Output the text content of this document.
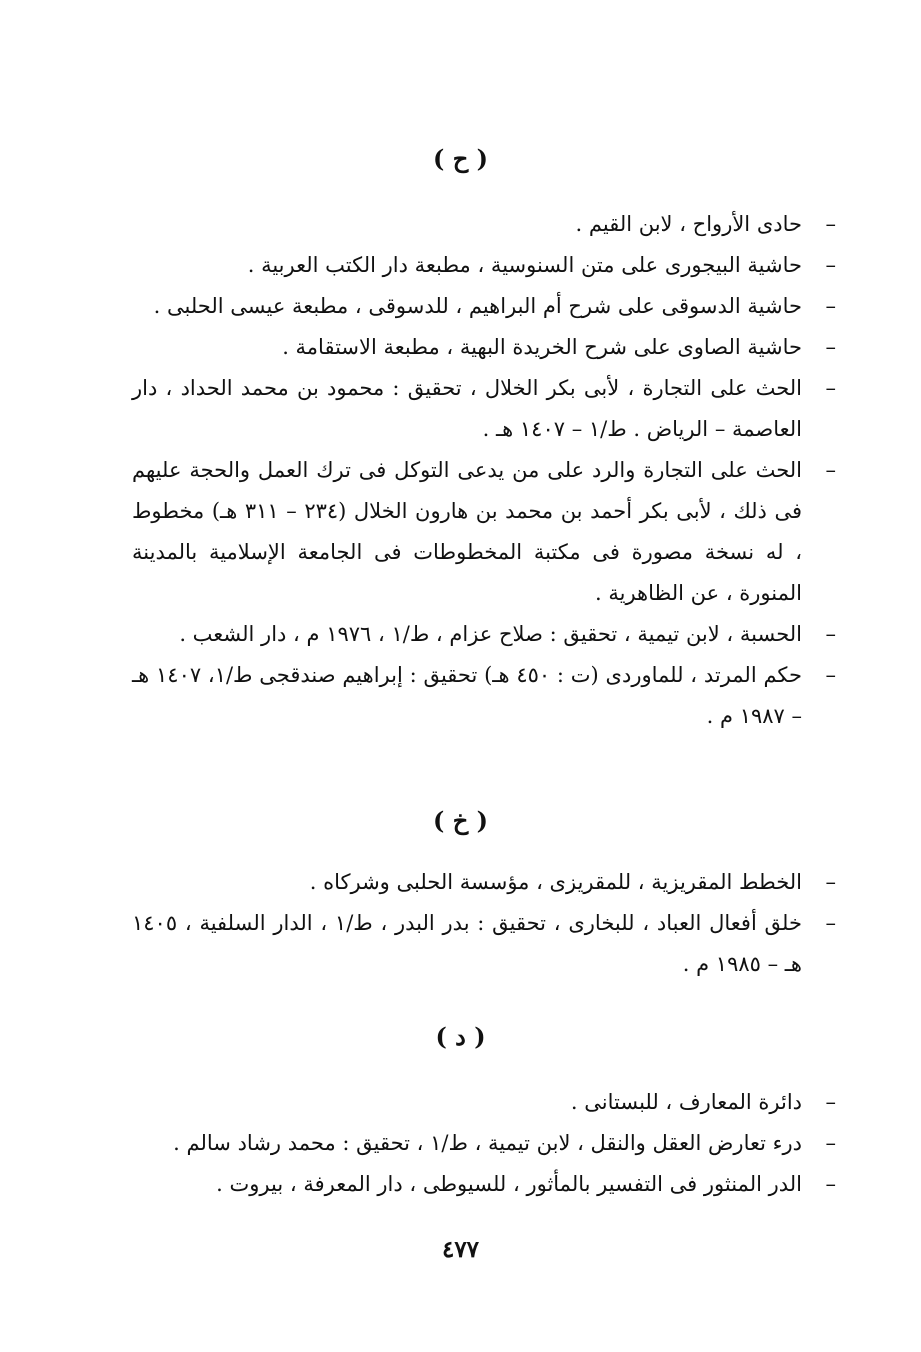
( ح )
–
حادى الأرواح ، لابن القيم .
–
حاشية البيجورى على متن السنوسية ، مطبعة دار الكتب العربية .
–
حاشية الدسوقى على شرح أم البراهيم ، للدسوقى ، مطبعة عيسى الحلبى .
–
حاشية الصاوى على شرح الخريدة البهية ، مطبعة الاستقامة .
–
الحث على التجارة ، لأبى بكر الخلال ، تحقيق : محمود بن محمد الحداد ، دار العاصمة – الرياض . ط/١ – ١٤٠٧ هـ .
–
الحث على التجارة والرد على من يدعى التوكل فى ترك العمل والحجة عليهم فى ذلك ، لأبى بكر أحمد بن محمد بن هارون الخلال (٢٣٤ – ٣١١ هـ) مخطوط ، له نسخة مصورة فى مكتبة المخطوطات فى الجامعة الإسلامية بالمدينة المنورة ، عن الظاهرية .
–
الحسبة ، لابن تيمية ، تحقيق : صلاح عزام ، ط/١ ، ١٩٧٦ م ، دار الشعب .
–
حكم المرتد ، للماوردى (ت : ٤٥٠ هـ) تحقيق : إبراهيم صندقجى ط/١، ١٤٠٧ هـ – ١٩٨٧ م .
( خ )
–
الخطط المقريزية ، للمقريزى ، مؤسسة الحلبى وشركاه .
–
خلق أفعال العباد ، للبخارى ، تحقيق : بدر البدر ، ط/١ ، الدار السلفية ، ١٤٠٥ هـ – ١٩٨٥ م .
( د )
–
دائرة المعارف ، للبستانى .
–
درء تعارض العقل والنقل ، لابن تيمية ، ط/١ ، تحقيق : محمد رشاد سالم .
–
الدر المنثور فى التفسير بالمأثور ، للسيوطى ، دار المعرفة ، بيروت .
٤٧٧
